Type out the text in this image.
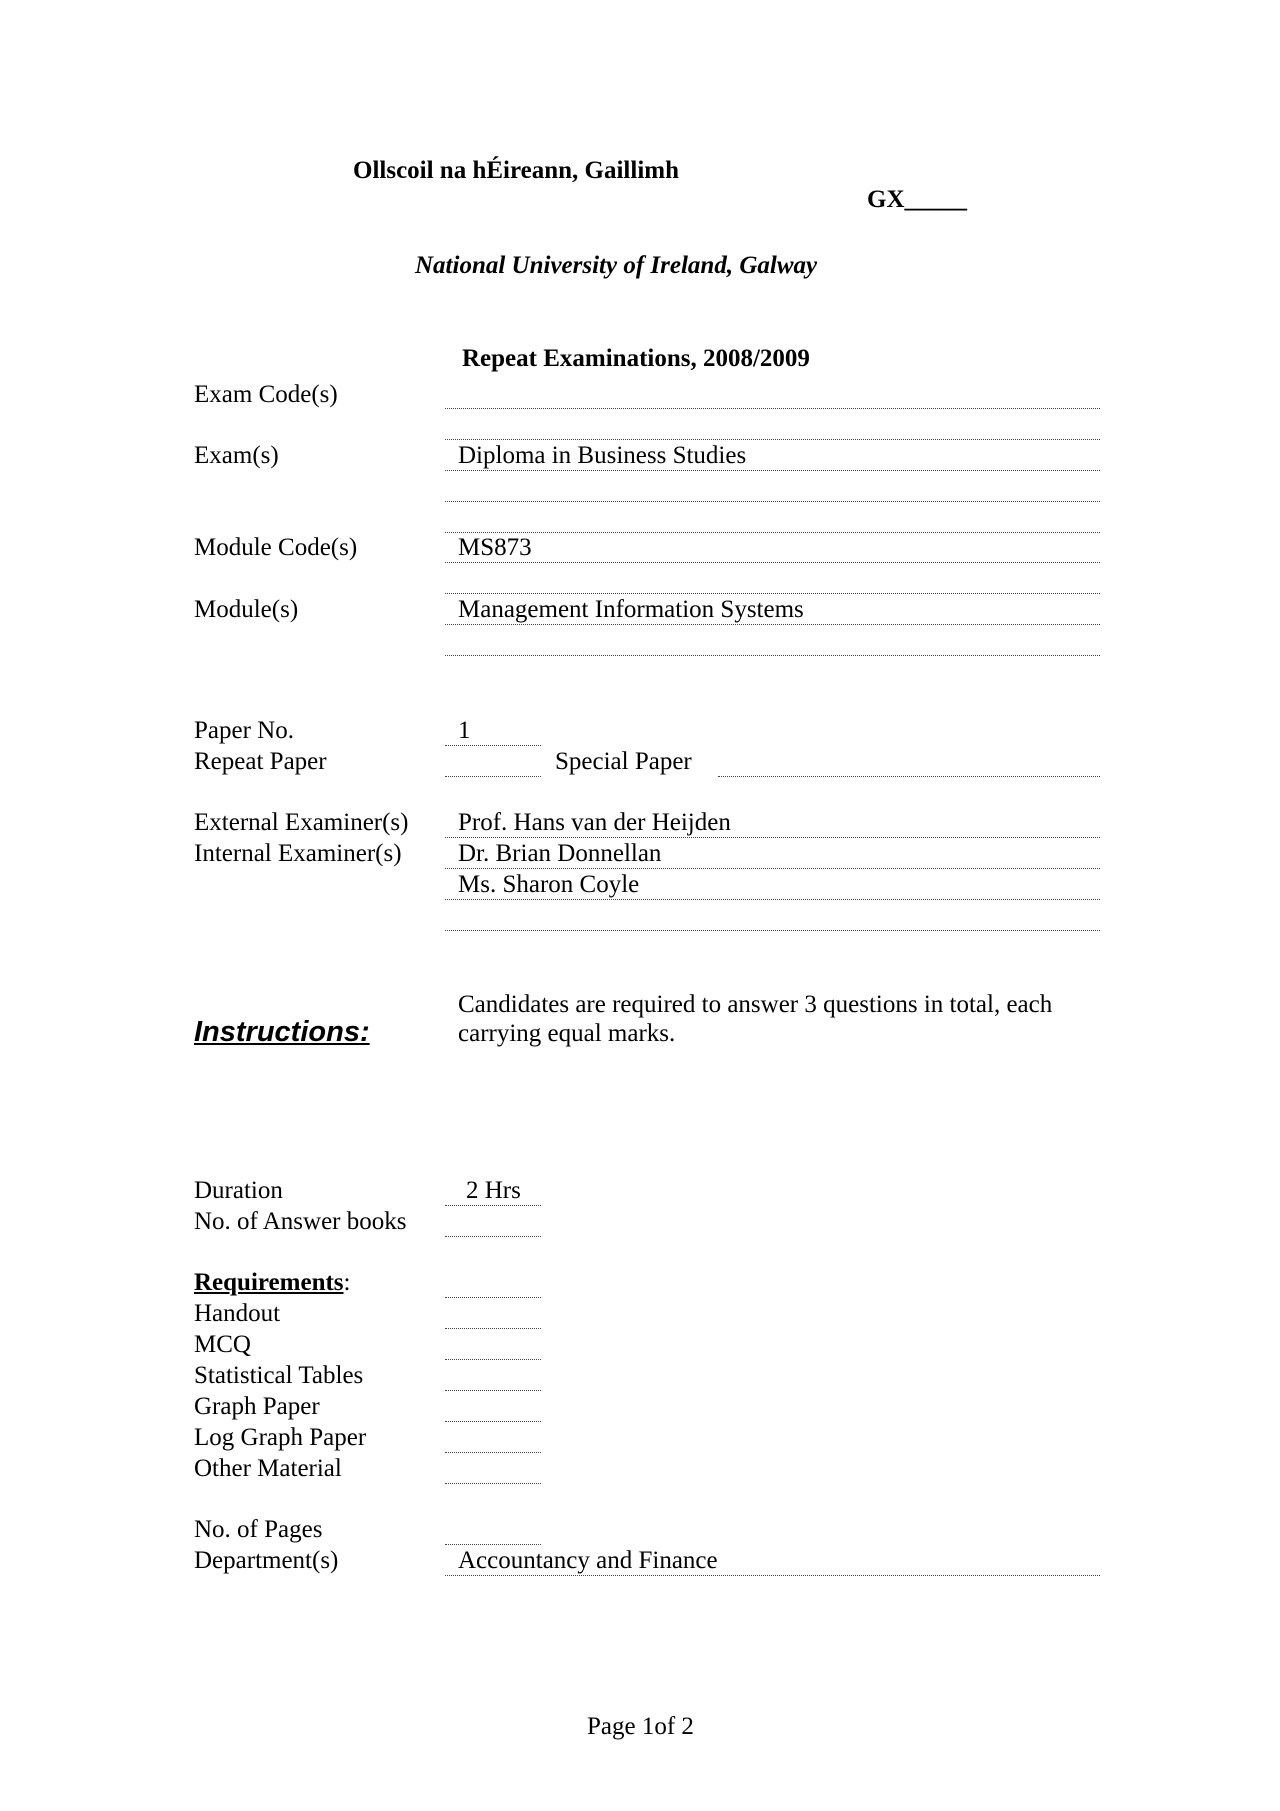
Ollscoil na hÉireann, Gaillimh
GX_____
National University of Ireland, Galway
Repeat Examinations, 2008/2009
Exam Code(s)
Exam(s)	Diploma in Business Studies
Module Code(s)	MS873
Module(s)	Management Information Systems
Paper No.	1
Repeat Paper	Special Paper
External Examiner(s) Prof. Hans van der Heijden
Internal Examiner(s) Dr. Brian Donnellan
Ms. Sharon Coyle
Instructions:
Candidates are required to answer 3 questions in total, each
carrying equal marks.
Duration	2 Hrs
No. of Answer books
Requirements:
Handout
MCQ
Statistical Tables
Graph Paper
Log Graph Paper
Other Material
No. of Pages
Department(s)	Accountancy and Finance
Page 1of 2
